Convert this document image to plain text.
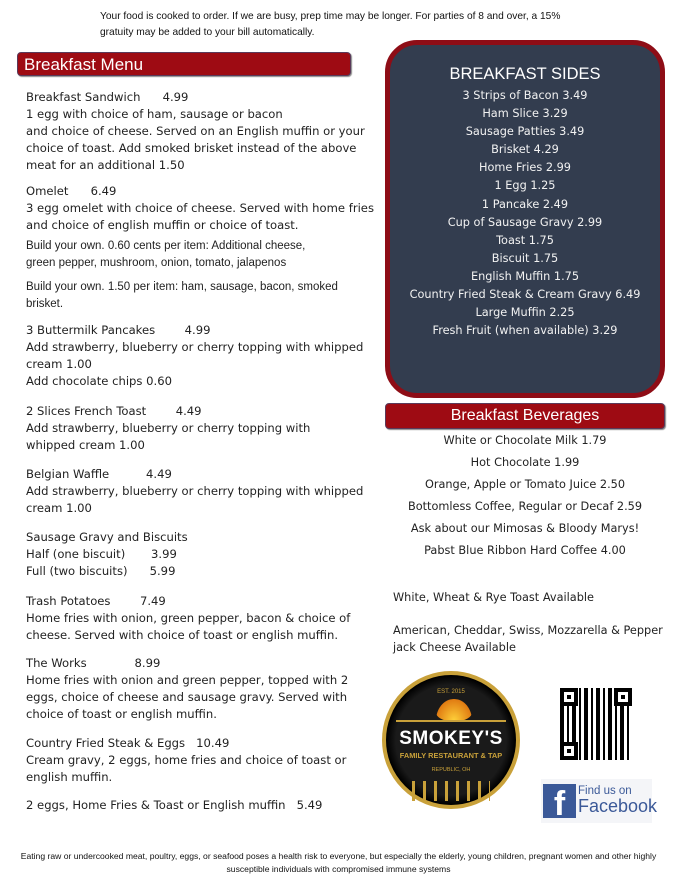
Your food is cooked to order. If we are busy, prep time may be longer. For parties of 8 and over, a 15% gratuity may be added to your bill automatically.
Breakfast Menu
Breakfast Sandwich      4.99
1 egg with choice of ham, sausage or bacon
and choice of cheese. Served on an English muffin or your
choice of toast. Add smoked brisket instead of the above
meat for an additional 1.50
Omelet      6.49
3 egg omelet with choice of cheese. Served with home fries
and choice of english muffin or choice of toast.
Build your own. 0.60 cents per item: Additional cheese,
green pepper, mushroom, onion, tomato, jalapenos
Build your own. 1.50 per item: ham, sausage, bacon, smoked
brisket.
3 Buttermilk Pancakes        4.99
Add strawberry, blueberry or cherry topping with whipped
cream 1.00
Add chocolate chips 0.60
2 Slices French Toast        4.49
Add strawberry, blueberry or cherry topping with
whipped cream 1.00
Belgian Waffle          4.49
Add strawberry, blueberry or cherry topping with whipped
cream 1.00
Sausage Gravy and Biscuits
Half (one biscuit)       3.99
Full (two biscuits)      5.99
Trash Potatoes        7.49
Home fries with onion, green pepper, bacon & choice of
cheese. Served with choice of toast or english muffin.
The Works             8.99
Home fries with onion and green pepper, topped with 2
eggs, choice of cheese and sausage gravy. Served with
choice of toast or english muffin.
Country Fried Steak & Eggs   10.49
Cream gravy, 2 eggs, home fries and choice of toast or
english muffin.
2 eggs, Home Fries & Toast or English muffin   5.49
BREAKFAST SIDES
3 Strips of Bacon 3.49
Ham Slice 3.29
Sausage Patties 3.49
Brisket 4.29
Home Fries 2.99
1 Egg 1.25
1 Pancake 2.49
Cup of Sausage Gravy 2.99
Toast 1.75
Biscuit 1.75
English Muffin 1.75
Country Fried Steak & Cream Gravy 6.49
Large Muffin 2.25
Fresh Fruit (when available) 3.29
Breakfast Beverages
White or Chocolate Milk 1.79
Hot Chocolate 1.99
Orange, Apple or Tomato Juice 2.50
Bottomless Coffee, Regular or Decaf 2.59
Ask about our Mimosas & Bloody Marys!
Pabst Blue Ribbon Hard Coffee 4.00
White, Wheat & Rye Toast Available
American, Cheddar, Swiss, Mozzarella & Pepper jack Cheese Available
EST. 2015
SMOKEY'S
FAMILY RESTAURANT & TAP
REPUBLIC, OH
f	Find us on
Facebook
Eating raw or undercooked meat, poultry, eggs, or seafood poses a health risk to everyone, but especially the elderly, young children, pregnant women and other highly susceptible individuals with compromised immune systems
